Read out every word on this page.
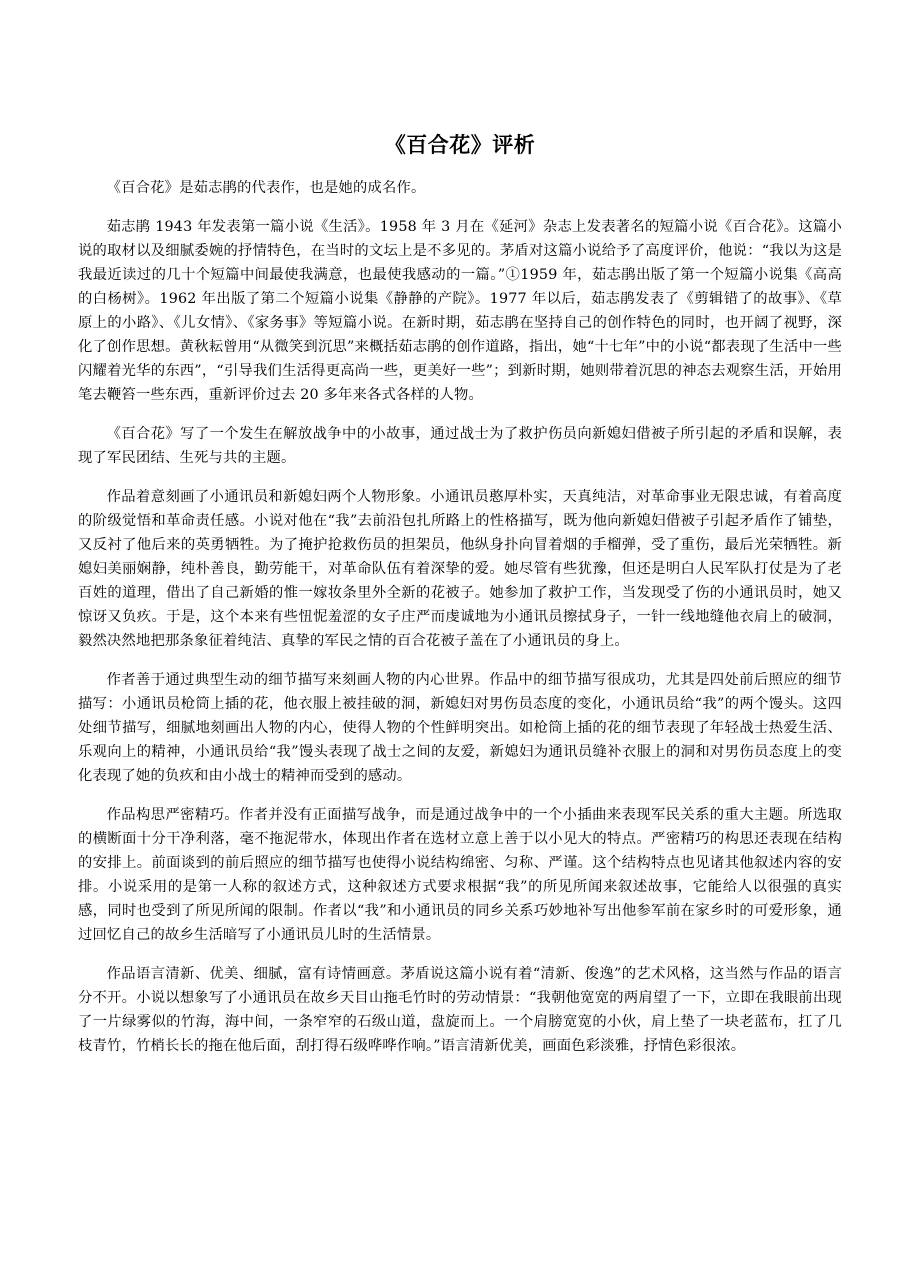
《百合花》评析

《百合花》是茹志鹃的代表作，也是她的成名作。

茹志鹃 1943 年发表第一篇小说《生活》。1958 年 3 月在《延河》杂志上发表著名的短篇小说《百合花》。这篇小说的取材以及细腻委婉的抒情特色，在当时的文坛上是不多见的。茅盾对这篇小说给予了高度评价，他说：“我以为这是我最近读过的几十个短篇中间最使我满意，也最使我感动的一篇。”①1959 年，茹志鹃出版了第一个短篇小说集《高高的白杨树》。1962 年出版了第二个短篇小说集《静静的产院》。1977 年以后，茹志鹃发表了《剪辑错了的故事》、《草原上的小路》、《儿女情》、《家务事》等短篇小说。在新时期，茹志鹃在坚持自己的创作特色的同时，也开阔了视野，深化了创作思想。黄秋耘曾用“从微笑到沉思”来概括茹志鹃的创作道路，指出，她“十七年”中的小说“都表现了生活中一些闪耀着光华的东西”，“引导我们生活得更高尚一些，更美好一些”；到新时期，她则带着沉思的神态去观察生活，开始用笔去鞭笞一些东西，重新评价过去 20 多年来各式各样的人物。

《百合花》写了一个发生在解放战争中的小故事，通过战士为了救护伤员向新媳妇借被子所引起的矛盾和误解，表现了军民团结、生死与共的主题。

作品着意刻画了小通讯员和新媳妇两个人物形象。小通讯员憨厚朴实，天真纯洁，对革命事业无限忠诚，有着高度的阶级觉悟和革命责任感。小说对他在“我”去前沿包扎所路上的性格描写，既为他向新媳妇借被子引起矛盾作了铺垫，又反衬了他后来的英勇牺牲。为了掩护抢救伤员的担架员，他纵身扑向冒着烟的手榴弹，受了重伤，最后光荣牺牲。新媳妇美丽娴静，纯朴善良，勤劳能干，对革命队伍有着深挚的爱。她尽管有些犹豫，但还是明白人民军队打仗是为了老百姓的道理，借出了自己新婚的惟一嫁妆条里外全新的花被子。她参加了救护工作，当发现受了伤的小通讯员时，她又惊讶又负疚。于是，这个本来有些忸怩羞涩的女子庄严而虔诚地为小通讯员擦拭身子，一针一线地缝他衣肩上的破洞，毅然决然地把那条象征着纯洁、真挚的军民之情的百合花被子盖在了小通讯员的身上。

作者善于通过典型生动的细节描写来刻画人物的内心世界。作品中的细节描写很成功，尤其是四处前后照应的细节描写：小通讯员枪筒上插的花，他衣服上被挂破的洞，新媳妇对男伤员态度的变化，小通讯员给“我”的两个馒头。这四处细节描写，细腻地刻画出人物的内心，使得人物的个性鲜明突出。如枪筒上插的花的细节表现了年轻战士热爱生活、乐观向上的精神，小通讯员给“我”馒头表现了战士之间的友爱，新媳妇为通讯员缝补衣服上的洞和对男伤员态度上的变化表现了她的负疚和由小战士的精神而受到的感动。

作品构思严密精巧。作者并没有正面描写战争，而是通过战争中的一个小插曲来表现军民关系的重大主题。所选取的横断面十分干净利落，毫不拖泥带水，体现出作者在选材立意上善于以小见大的特点。严密精巧的构思还表现在结构的安排上。前面谈到的前后照应的细节描写也使得小说结构绵密、匀称、严谨。这个结构特点也见诸其他叙述内容的安排。小说采用的是第一人称的叙述方式，这种叙述方式要求根据“我”的所见所闻来叙述故事，它能给人以很强的真实感，同时也受到了所见所闻的限制。作者以“我”和小通讯员的同乡关系巧妙地补写出他参军前在家乡时的可爱形象，通过回忆自己的故乡生活暗写了小通讯员儿时的生活情景。

作品语言清新、优美、细腻，富有诗情画意。茅盾说这篇小说有着“清新、俊逸”的艺术风格，这当然与作品的语言分不开。小说以想象写了小通讯员在故乡天目山拖毛竹时的劳动情景：“我朝他宽宽的两肩望了一下，立即在我眼前出现了一片绿雾似的竹海，海中间，一条窄窄的石级山道，盘旋而上。一个肩膀宽宽的小伙，肩上垫了一块老蓝布，扛了几枝青竹，竹梢长长的拖在他后面，刮打得石级哗哗作响。”语言清新优美，画面色彩淡雅，抒情色彩很浓。
